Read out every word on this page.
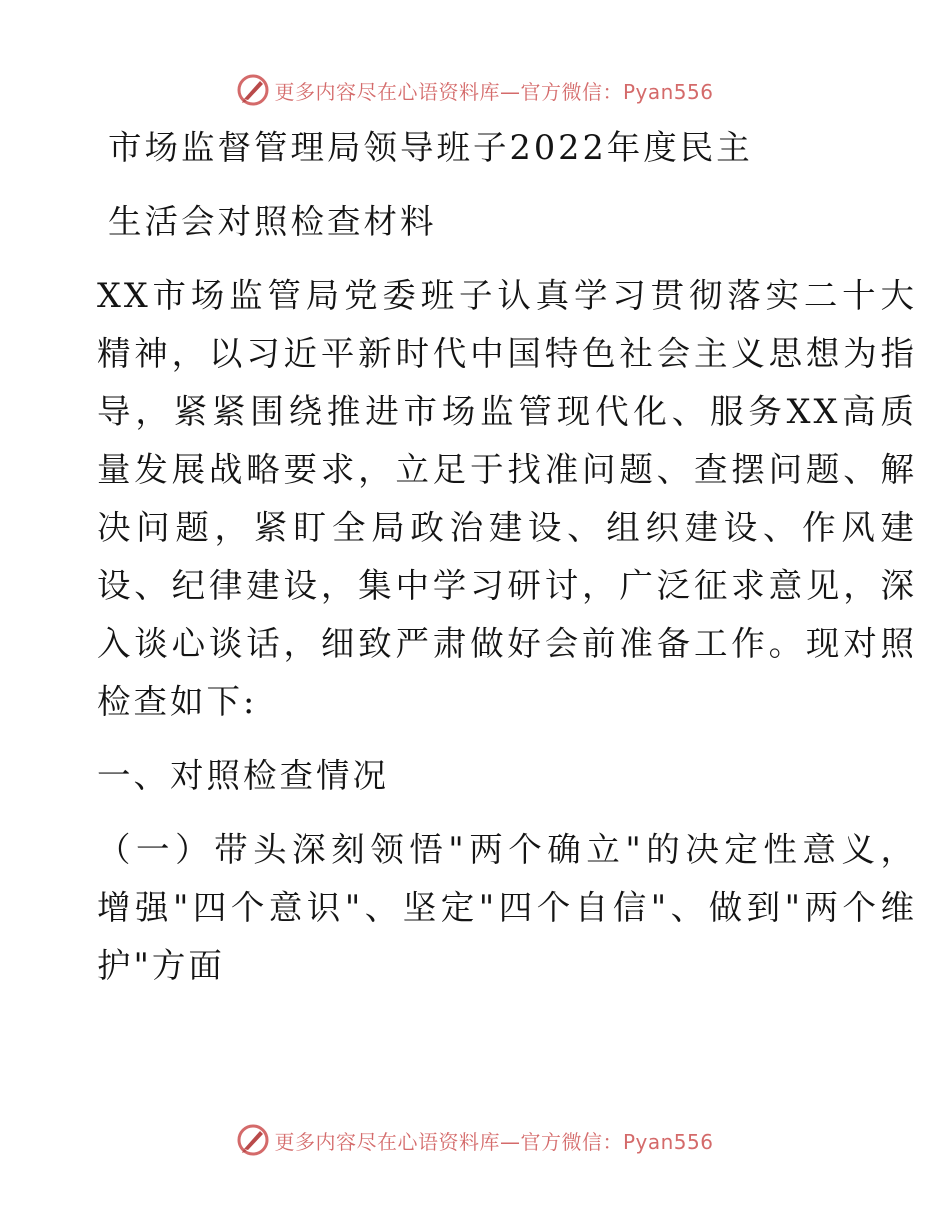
更多内容尽在心语资料库—官方微信：Pyan556
市场监督管理局领导班子2022年度民主
生活会对照检查材料
XX市场监管局党委班子认真学习贯彻落实二十大
精神，以习近平新时代中国特色社会主义思想为指
导，紧紧围绕推进市场监管现代化、服务XX高质
量发展战略要求，立足于找准问题、查摆问题、解
决问题，紧盯全局政治建设、组织建设、作风建
设、纪律建设，集中学习研讨，广泛征求意见，深
入谈心谈话，细致严肃做好会前准备工作。现对照
检查如下:
一、对照检查情况
（一）带头深刻领悟"两个确立"的决定性意义，
增强"四个意识"、坚定"四个自信"、做到"两个维
护"方面
更多内容尽在心语资料库—官方微信：Pyan556
